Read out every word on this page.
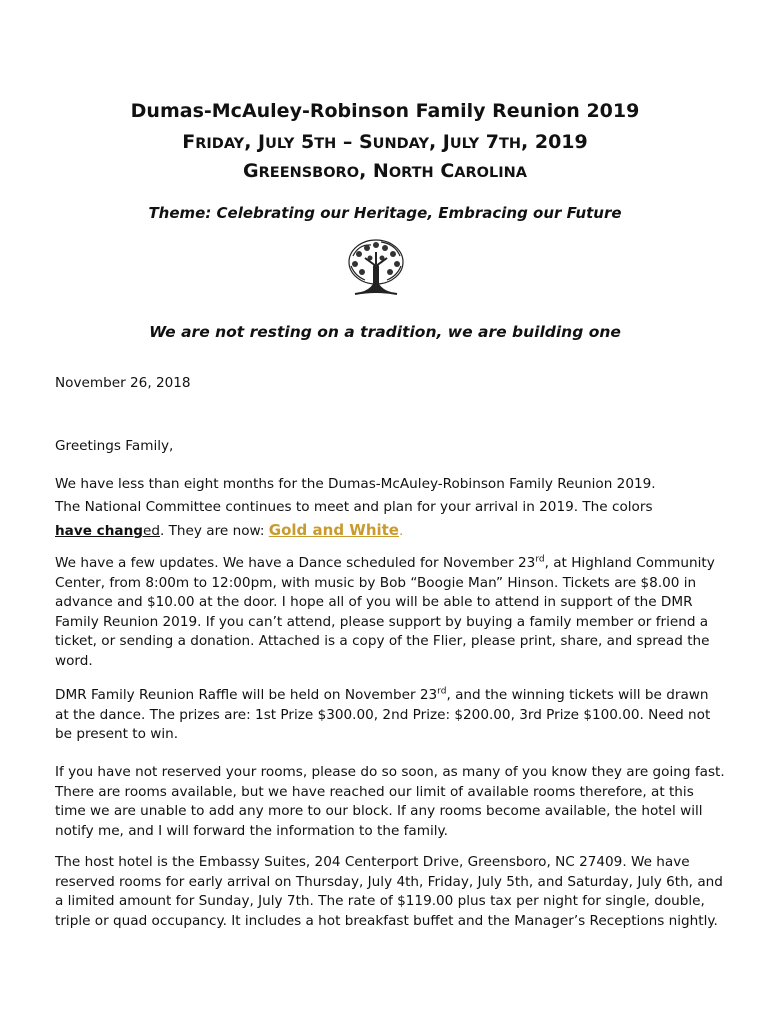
Dumas-McAuley-Robinson Family Reunion 2019
FRIDAY, JULY 5TH – SUNDAY, JULY 7TH, 2019
GREENSBORO, NORTH CAROLINA
Theme: Celebrating our Heritage, Embracing our Future
We are not resting on a tradition, we are building one
November 26, 2018
Greetings Family,
We have less than eight months for the Dumas-McAuley-Robinson Family Reunion 2019.
The National Committee continues to meet and plan for your arrival in 2019. The colors
have changed. They are now: Gold and White.
We have a few updates. We have a Dance scheduled for November 23rd, at Highland Community Center, from 8:00m to 12:00pm, with music by Bob “Boogie Man” Hinson. Tickets are $8.00 in advance and $10.00 at the door. I hope all of you will be able to attend in support of the DMR Family Reunion 2019. If you can’t attend, please support by buying a family member or friend a ticket, or sending a donation. Attached is a copy of the Flier, please print, share, and spread the word.
DMR Family Reunion Raffle will be held on November 23rd, and the winning tickets will be drawn at the dance. The prizes are: 1st Prize $300.00, 2nd Prize: $200.00, 3rd Prize $100.00. Need not be present to win.
If you have not reserved your rooms, please do so soon, as many of you know they are going fast. There are rooms available, but we have reached our limit of available rooms therefore, at this time we are unable to add any more to our block. If any rooms become available, the hotel will notify me, and I will forward the information to the family.
The host hotel is the Embassy Suites, 204 Centerport Drive, Greensboro, NC 27409. We have reserved rooms for early arrival on Thursday, July 4th, Friday, July 5th, and Saturday, July 6th, and a limited amount for Sunday, July 7th. The rate of $119.00 plus tax per night for single, double, triple or quad occupancy. It includes a hot breakfast buffet and the Manager’s Receptions nightly.
